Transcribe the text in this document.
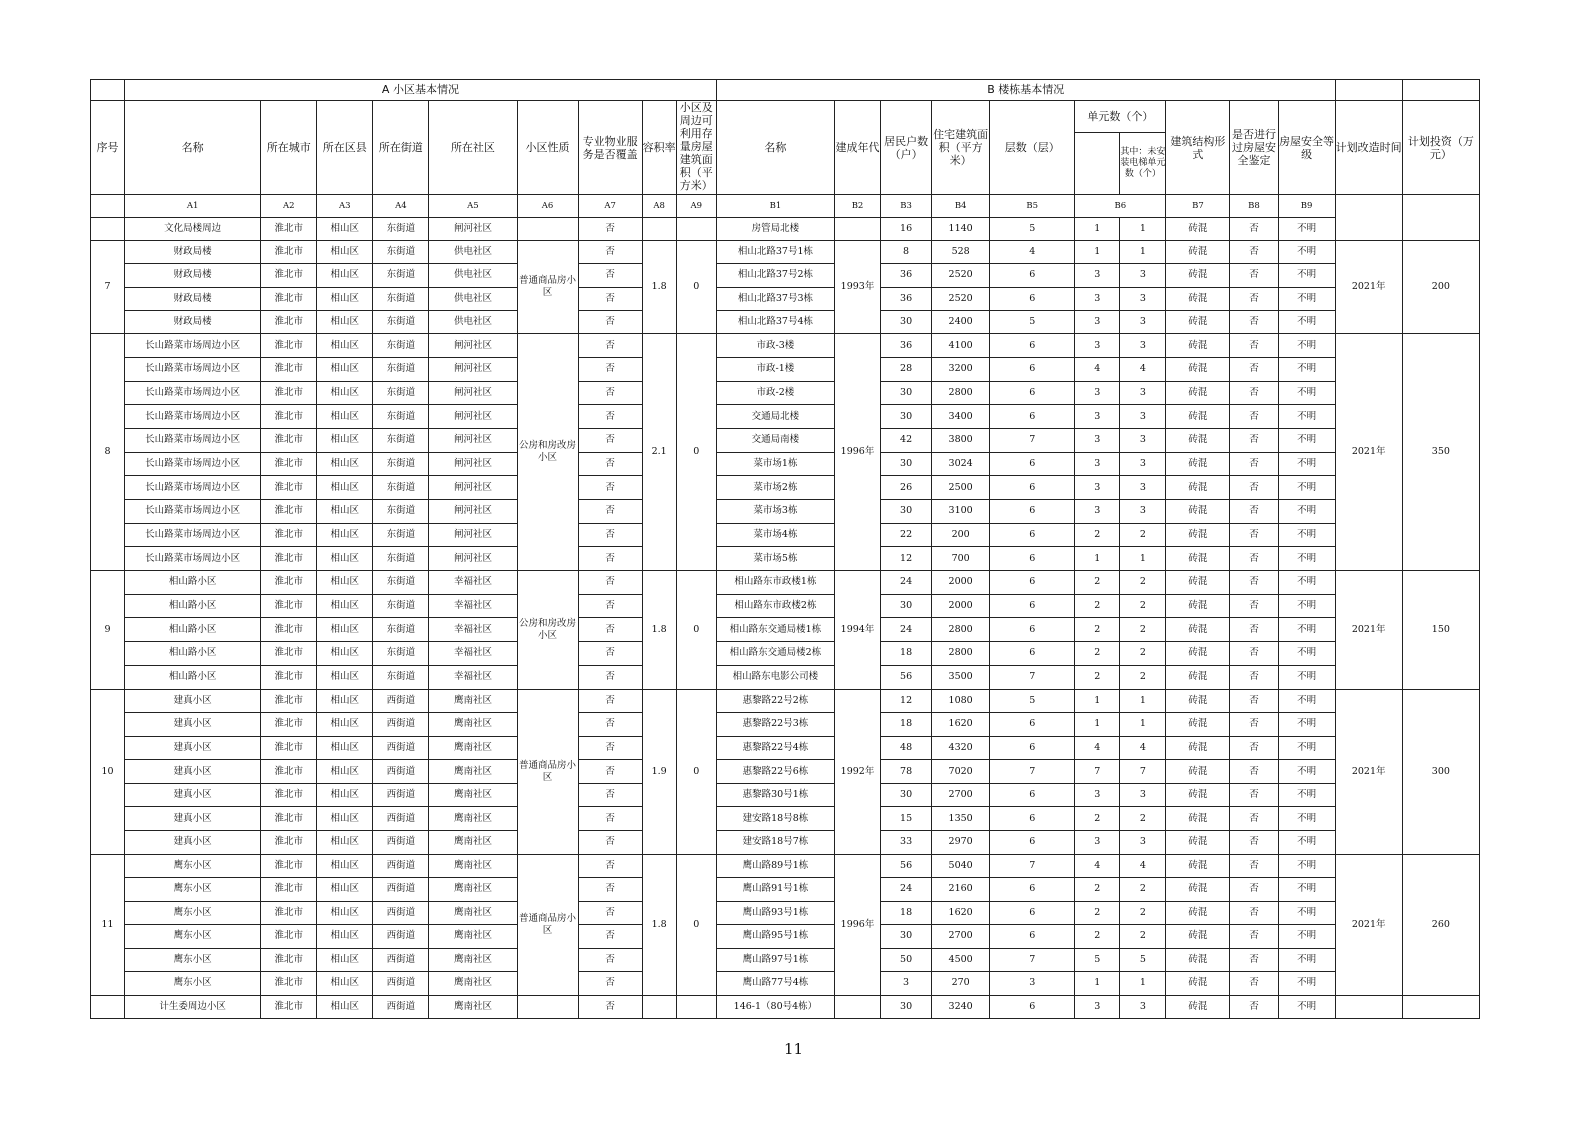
	A 小区基本情况									B 楼栋基本情况											
序号	名称	所在城市	所在区县	所在街道	所在社区	小区性质	专业物业服务是否覆盖	容积率	小区及周边可利用存量房屋建筑面积（平方米）	名称	建成年代	居民户数（户）	住宅建筑面积（平方米）	层数（层）	单元数（个）		建筑结构形式	是否进行过房屋安全鉴定	房屋安全等级	计划改造时间	计划投资（万元）
																其中：未安装电梯单元数（个）					
	A1	A2	A3	A4	A5	A6	A7	A8	A9	B1	B2	B3	B4	B5	B6		B7	B8	B9		
	文化局楼周边	淮北市	相山区	东街道	闸河社区		否			房管局北楼		16	1140	5	1	1	砖混	否	不明		
7	财政局楼	淮北市	相山区	东街道	供电社区	普通商品房小区	否	1.8	0	相山北路37号1栋	1993年	8	528	4	1	1	砖混	否	不明	2021年	200
	财政局楼	淮北市	相山区	东街道	供电社区		否			相山北路37号2栋		36	2520	6	3	3	砖混	否	不明		
	财政局楼	淮北市	相山区	东街道	供电社区		否			相山北路37号3栋		36	2520	6	3	3	砖混	否	不明		
	财政局楼	淮北市	相山区	东街道	供电社区		否			相山北路37号4栋		30	2400	5	3	3	砖混	否	不明		
8	长山路菜市场周边小区	淮北市	相山区	东街道	闸河社区	公房和房改房小区	否	2.1	0	市政-3楼	1996年	36	4100	6	3	3	砖混	否	不明	2021年	350
	长山路菜市场周边小区	淮北市	相山区	东街道	闸河社区		否			市政-1楼		28	3200	6	4	4	砖混	否	不明		
	长山路菜市场周边小区	淮北市	相山区	东街道	闸河社区		否			市政-2楼		30	2800	6	3	3	砖混	否	不明		
	长山路菜市场周边小区	淮北市	相山区	东街道	闸河社区		否			交通局北楼		30	3400	6	3	3	砖混	否	不明		
	长山路菜市场周边小区	淮北市	相山区	东街道	闸河社区		否			交通局南楼		42	3800	7	3	3	砖混	否	不明		
	长山路菜市场周边小区	淮北市	相山区	东街道	闸河社区		否			菜市场1栋		30	3024	6	3	3	砖混	否	不明		
	长山路菜市场周边小区	淮北市	相山区	东街道	闸河社区		否			菜市场2栋		26	2500	6	3	3	砖混	否	不明		
	长山路菜市场周边小区	淮北市	相山区	东街道	闸河社区		否			菜市场3栋		30	3100	6	3	3	砖混	否	不明		
	长山路菜市场周边小区	淮北市	相山区	东街道	闸河社区		否			菜市场4栋		22	200	6	2	2	砖混	否	不明		
	长山路菜市场周边小区	淮北市	相山区	东街道	闸河社区		否			菜市场5栋		12	700	6	1	1	砖混	否	不明		
9	相山路小区	淮北市	相山区	东街道	幸福社区	公房和房改房小区	否	1.8	0	相山路东市政楼1栋	1994年	24	2000	6	2	2	砖混	否	不明	2021年	150
	相山路小区	淮北市	相山区	东街道	幸福社区		否			相山路东市政楼2栋		30	2000	6	2	2	砖混	否	不明		
	相山路小区	淮北市	相山区	东街道	幸福社区		否			相山路东交通局楼1栋		24	2800	6	2	2	砖混	否	不明		
	相山路小区	淮北市	相山区	东街道	幸福社区		否			相山路东交通局楼2栋		18	2800	6	2	2	砖混	否	不明		
	相山路小区	淮北市	相山区	东街道	幸福社区		否			相山路东电影公司楼		56	3500	7	2	2	砖混	否	不明		
10	建真小区	淮北市	相山区	西街道	鹰南社区	普通商品房小区	否	1.9	0	惠黎路22号2栋	1992年	12	1080	5	1	1	砖混	否	不明	2021年	300
	建真小区	淮北市	相山区	西街道	鹰南社区		否			惠黎路22号3栋		18	1620	6	1	1	砖混	否	不明		
	建真小区	淮北市	相山区	西街道	鹰南社区		否			惠黎路22号4栋		48	4320	6	4	4	砖混	否	不明		
	建真小区	淮北市	相山区	西街道	鹰南社区		否			惠黎路22号6栋		78	7020	7	7	7	砖混	否	不明		
	建真小区	淮北市	相山区	西街道	鹰南社区		否			惠黎路30号1栋		30	2700	6	3	3	砖混	否	不明		
	建真小区	淮北市	相山区	西街道	鹰南社区		否			建安路18号8栋		15	1350	6	2	2	砖混	否	不明		
	建真小区	淮北市	相山区	西街道	鹰南社区		否			建安路18号7栋		33	2970	6	3	3	砖混	否	不明		
11	鹰东小区	淮北市	相山区	西街道	鹰南社区	普通商品房小区	否	1.8	0	鹰山路89号1栋	1996年	56	5040	7	4	4	砖混	否	不明	2021年	260
	鹰东小区	淮北市	相山区	西街道	鹰南社区		否			鹰山路91号1栋		24	2160	6	2	2	砖混	否	不明		
	鹰东小区	淮北市	相山区	西街道	鹰南社区		否			鹰山路93号1栋		18	1620	6	2	2	砖混	否	不明		
	鹰东小区	淮北市	相山区	西街道	鹰南社区		否			鹰山路95号1栋		30	2700	6	2	2	砖混	否	不明		
	鹰东小区	淮北市	相山区	西街道	鹰南社区		否			鹰山路97号1栋		50	4500	7	5	5	砖混	否	不明		
	鹰东小区	淮北市	相山区	西街道	鹰南社区		否			鹰山路77号4栋		3	270	3	1	1	砖混	否	不明		
	计生委周边小区	淮北市	相山区	西街道	鹰南社区		否			146-1（80号4栋）		30	3240	6	3	3	砖混	否	不明		
11
